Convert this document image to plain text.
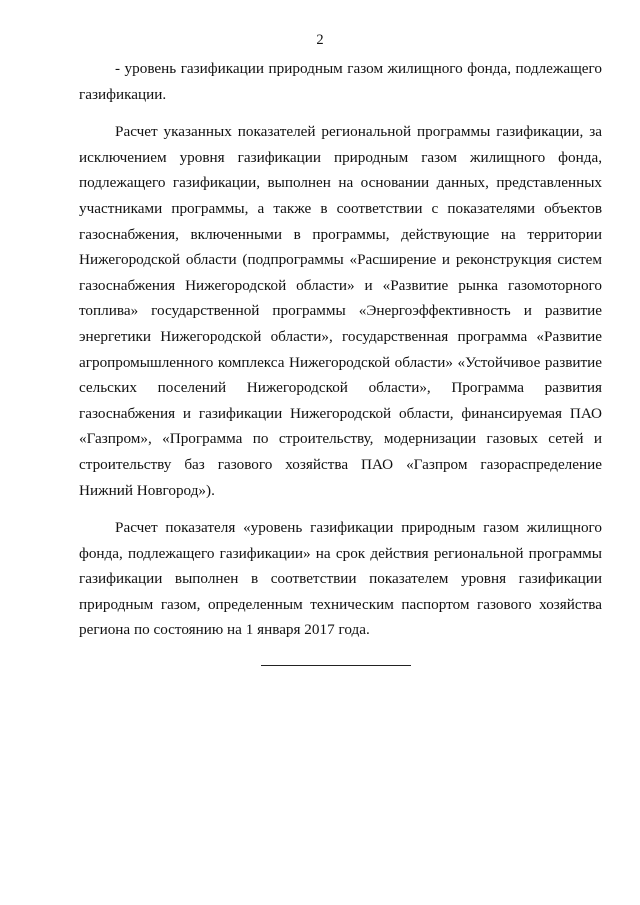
2

- уровень газификации природным газом жилищного фонда, подлежащего газификации.

Расчет указанных показателей региональной программы газификации, за исключением уровня газификации природным газом жилищного фонда, подлежащего газификации, выполнен на основании данных, представленных участниками программы, а также в соответствии с показателями объектов газоснабжения, включенными в программы, действующие на территории Нижегородской области (подпрограммы «Расширение и реконструкция систем газоснабжения Нижегородской области» и «Развитие рынка газомоторного топлива» государственной программы «Энергоэффективность и развитие энергетики Нижегородской области», государственная программа «Развитие агропромышленного комплекса Нижегородской области» «Устойчивое развитие сельских поселений Нижегородской области», Программа развития газоснабжения и газификации Нижегородской области, финансируемая ПАО «Газпром», «Программа по строительству, модернизации газовых сетей и строительству баз газового хозяйства ПАО «Газпром газораспределение Нижний Новгород»).

Расчет показателя «уровень газификации природным газом жилищного фонда, подлежащего газификации» на срок действия региональной программы газификации выполнен в соответствии показателем уровня газификации природным газом, определенным техническим паспортом газового хозяйства региона по состоянию на 1 января 2017 года.
